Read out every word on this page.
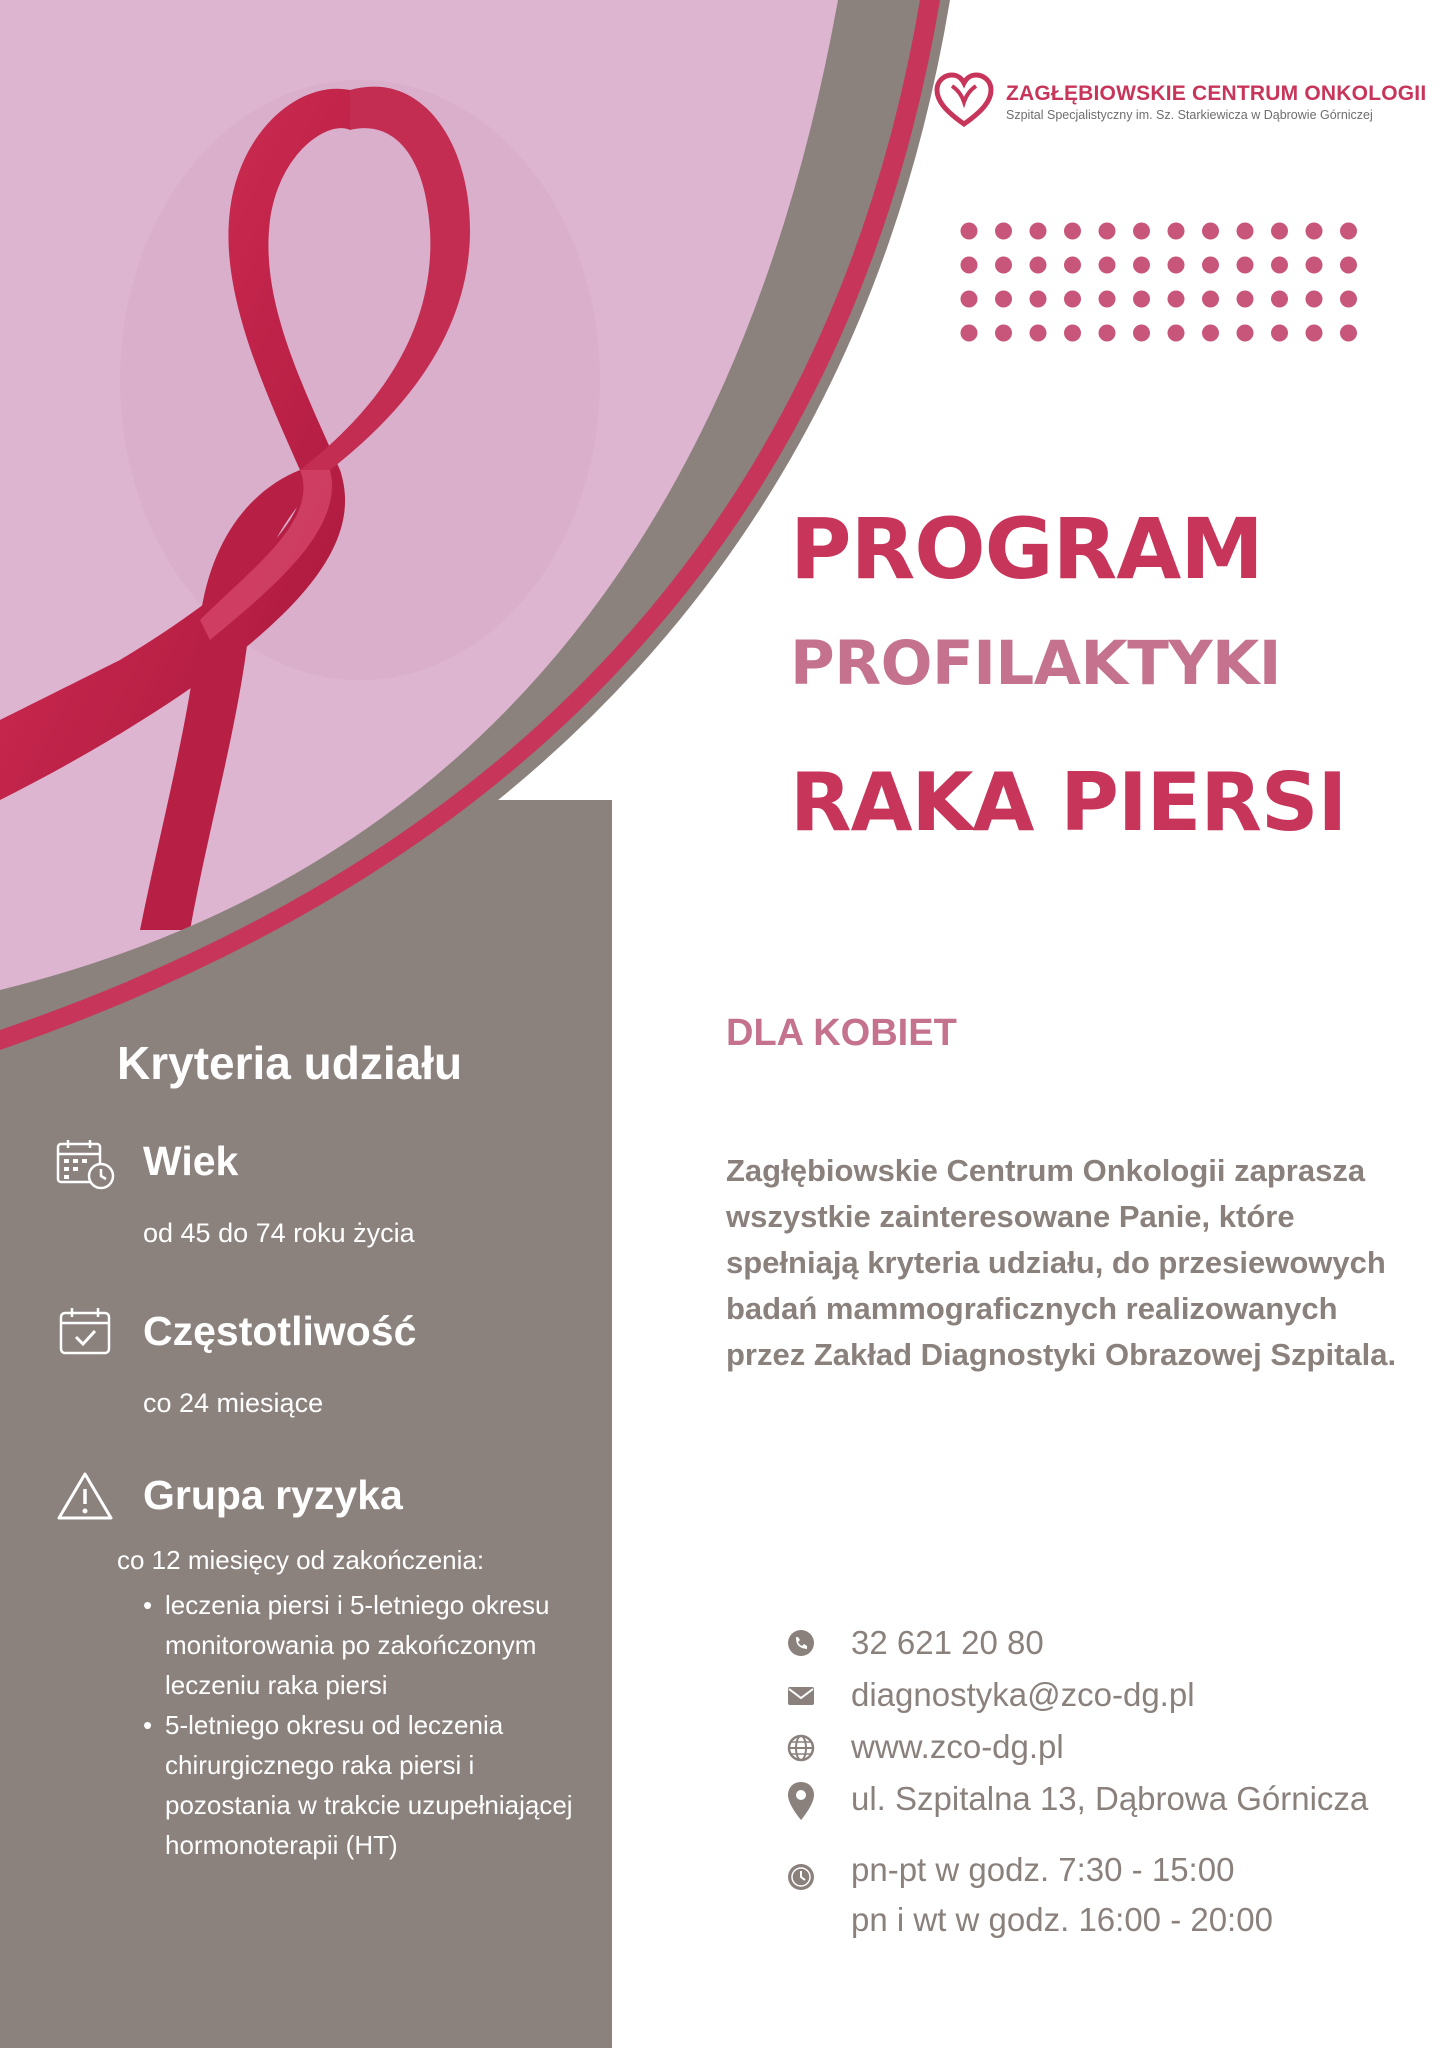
ZAGŁĘBIOWSKIE CENTRUM ONKOLOGII
Szpital Specjalistyczny im. Sz. Starkiewicza w Dąbrowie Górniczej
PROGRAM
PROFILAKTYKI
RAKA PIERSI
DLA KOBIET
Zagłębiowskie Centrum Onkologii zaprasza wszystkie zainteresowane Panie, które spełniają kryteria udziału, do przesiewowych badań mammograficznych realizowanych przez Zakład Diagnostyki Obrazowej Szpitala.
Kryteria udziału
Wiek
od 45 do 74 roku życia
Częstotliwość
co 24 miesiące
Grupa ryzyka
co 12 miesięcy od zakończenia:
• leczenia piersi i 5-letniego okresu monitorowania po zakończonym leczeniu raka piersi
• 5-letniego okresu od leczenia chirurgicznego raka piersi i pozostania w trakcie uzupełniającej hormonoterapii (HT)
32 621 20 80
diagnostyka@zco-dg.pl
www.zco-dg.pl
ul. Szpitalna 13, Dąbrowa Górnicza
pn-pt w godz. 7:30 - 15:00
pn i wt w godz. 16:00 - 20:00
